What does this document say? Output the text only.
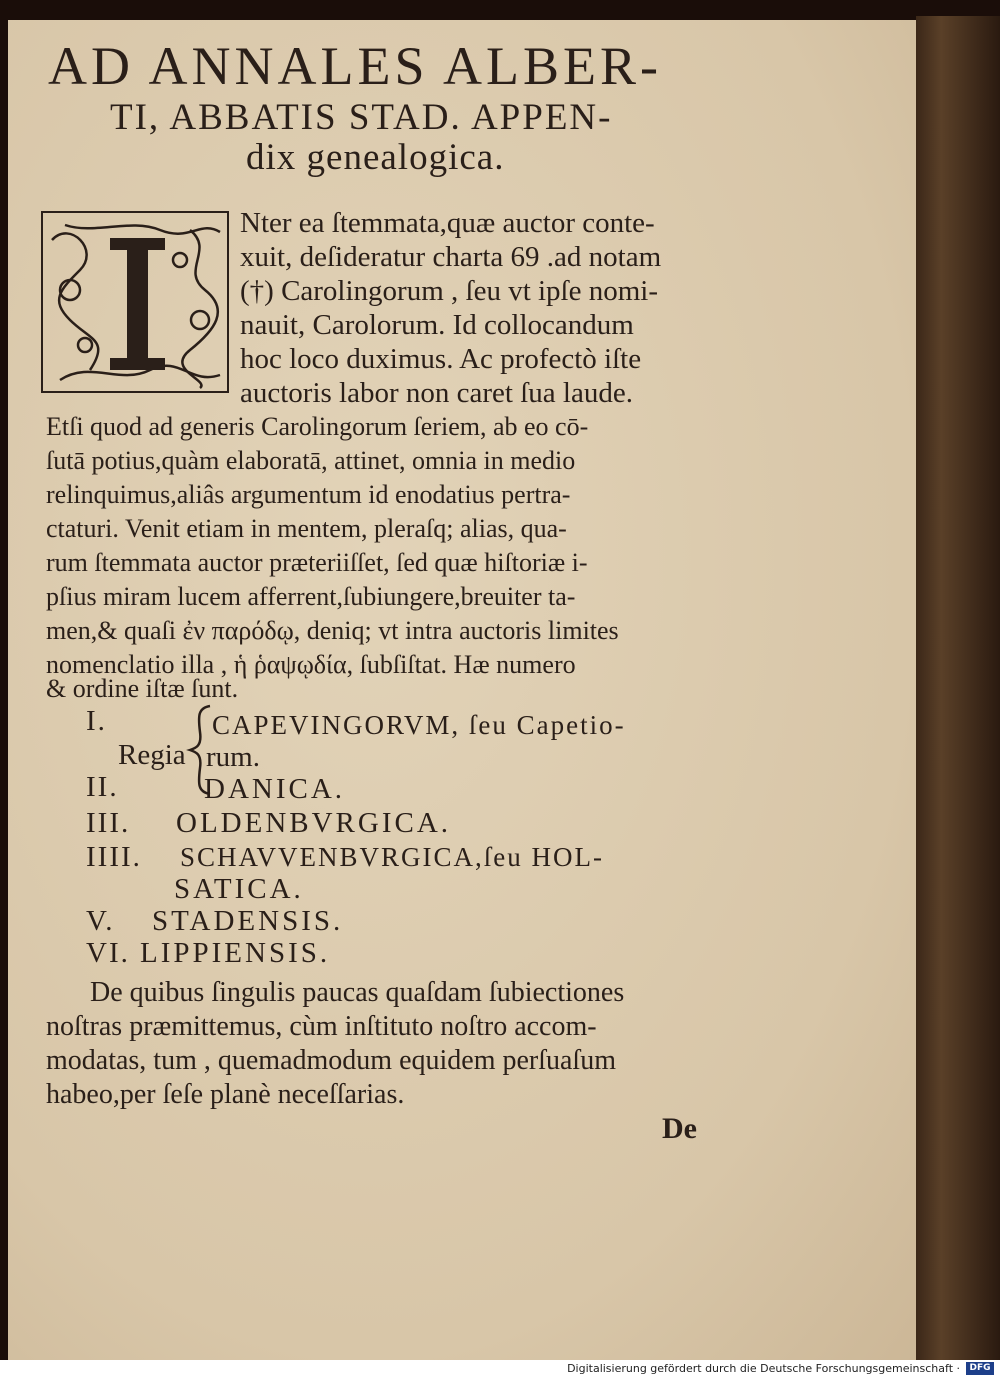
AD ANNALES ALBER-
TI, ABBATIS STAD. APPEN-
dix genealogica.
Nter ea ſtemmata,quæ auctor conte-
xuit, deſideratur charta 69 .ad notam
(†) Carolingorum , ſeu vt ipſe nomi-
nauit, Carolorum. Id collocandum
hoc loco duximus. Ac profectò iſte
auctoris labor non caret ſua laude.
Etſi quod ad generis Carolingorum ſeriem, ab eo cō-
ſutā potius,quàm elaboratā, attinet, omnia in medio
relinquimus,aliâs argumentum id enodatius pertra-
ctaturi. Venit etiam in mentem, pleraſq; alias, qua-
rum ſtemmata auctor præteriiſſet, ſed quæ hiſtoriæ i-
pſius miram lucem afferrent,ſubiungere,breuiter ta-
men,& quaſi ἐν παρόδῳ, deniq; vt intra auctoris limites
nomenclatio illa , ἡ ῥαψῳδία, ſubſiſtat. Hæ numero
& ordine iſtæ ſunt.
I.	CAPEVINGORVM, ſeu Capetio-
Regia rum.
II.	DANICA.
III. OLDENBVRGICA.
IIII. SCHAVVENBVRGICA,ſeu HOL-
SATICA.
V. STADENSIS.
VI. LIPPIENSIS.
De quibus ſingulis paucas quaſdam ſubiectiones
noſtras præmittemus, cùm inſtituto noſtro accom-
modatas, tum , quemadmodum equidem perſuaſum
habeo,per ſeſe planè neceſſarias.
De
Digitalisierung gefördert durch die Deutsche Forschungsgemeinschaft ·	DFG
